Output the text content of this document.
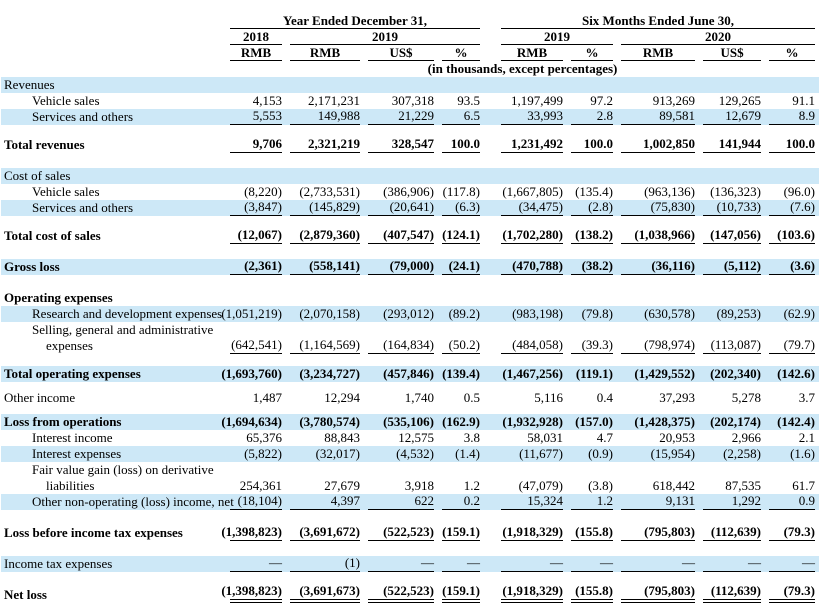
	Year Ended December 31,					Six Months Ended June 30,				

	2018	2019				2019		2020		

	RMB	RMB	US$	%		RMB	%	RMB	US$	%

	(in thousands, except percentages)									

Revenues	

Vehicle sales	4,153	2,171,231	307,318	93.5		1,197,499	97.2	913,269	129,265	91.1

Services and others	5,553	149,988	21,229	6.5		33,993	2.8	89,581	12,679	8.9

Total revenues	9,706	2,321,219	328,547	100.0		1,231,492	100.0	1,002,850	141,944	100.0

Cost of sales	

Vehicle sales	(8,220)	(2,733,531)	(386,906)	(117.8)		(1,667,805)	(135.4)	(963,136)	(136,323)	(96.0)

Services and others	(3,847)	(145,829)	(20,641)	(6.3)		(34,475)	(2.8)	(75,830)	(10,733)	(7.6)

Total cost of sales	(12,067)	(2,879,360)	(407,547)	(124.1)		(1,702,280)	(138.2)	(1,038,966)	(147,056)	(103.6)

Gross loss	(2,361)	(558,141)	(79,000)	(24.1)		(470,788)	(38.2)	(36,116)	(5,112)	(3.6)

Operating expenses	

Research and development expenses	(1,051,219)	(2,070,158)	(293,012)	(89.2)		(983,198)	(79.8)	(630,578)	(89,253)	(62.9)

Selling, general and administrative	

expenses	(642,541)	(1,164,569)	(164,834)	(50.2)		(484,058)	(39.3)	(798,974)	(113,087)	(79.7)

Total operating expenses	(1,693,760)	(3,234,727)	(457,846)	(139.4)		(1,467,256)	(119.1)	(1,429,552)	(202,340)	(142.6)

Other income	1,487	12,294	1,740	0.5		5,116	0.4	37,293	5,278	3.7

Loss from operations	(1,694,634)	(3,780,574)	(535,106)	(162.9)		(1,932,928)	(157.0)	(1,428,375)	(202,174)	(142.4)

Interest income	65,376	88,843	12,575	3.8		58,031	4.7	20,953	2,966	2.1

Interest expenses	(5,822)	(32,017)	(4,532)	(1.4)		(11,677)	(0.9)	(15,954)	(2,258)	(1.6)

Fair value gain (loss) on derivative	

liabilities	254,361	27,679	3,918	1.2		(47,079)	(3.8)	618,442	87,535	61.7

Other non-operating (loss) income, net	(18,104)	4,397	622	0.2		15,324	1.2	9,131	1,292	0.9

Loss before income tax expenses	(1,398,823)	(3,691,672)	(522,523)	(159.1)		(1,918,329)	(155.8)	(795,803)	(112,639)	(79.3)

Income tax expenses	—	(1)	—	—		—	—	—	—	—

Net loss	(1,398,823)	(3,691,673)	(522,523)	(159.1)		(1,918,329)	(155.8)	(795,803)	(112,639)	(79.3)
